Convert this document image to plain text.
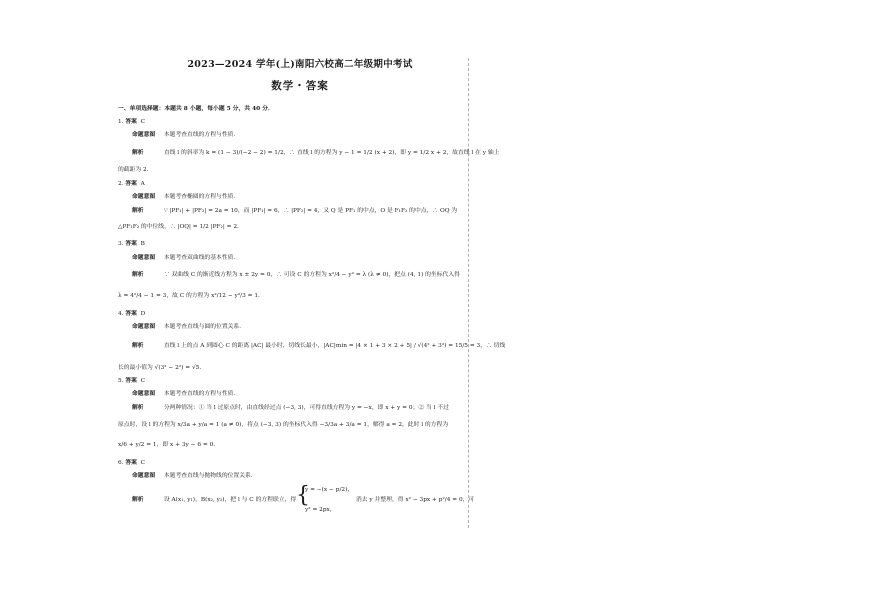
2023—2024 学年(上)南阳六校高二年级期中考试
数学・答案
一、单项选择题：本题共 8 小题，每小题 5 分，共 40 分．
1. 答案 C
命题意图 本题考查直线的方程与性质．
解析	直线 l 的斜率为 k = (1 − 3)/(−2 − 2) = 1/2，∴ 直线 l 的方程为 y − 1 = 1/2 (x + 2)，即 y = 1/2 x + 2，故直线 l 在 y 轴上
的截距为 2.
2. 答案 A
命题意图 本题考查椭圆的方程与性质．
解析	∵ |PF₁| + |PF₂| = 2a = 10，而 |PF₁| = 6，∴ |PF₂| = 4，又 Q 是 PF₁ 的中点，O 是 F₁F₂ 的中点，∴ OQ 为
△PF₁F₂ 的中位线，∴ |OQ| = 1/2 |PF₂| = 2.
3. 答案 B
命题意图 本题考查双曲线的基本性质．
解析	∵ 双曲线 C 的渐近线方程为 x ± 2y = 0，∴ 可设 C 的方程为 x²/4 − y² = λ (λ ≠ 0)，把点 (4, 1) 的坐标代入得
λ = 4²/4 − 1 = 3，故 C 的方程为 x²/12 − y²/3 = 1.
4. 答案 D
命题意图 本题考查直线与圆的位置关系．
解析	直线 l 上的点 A 到圆心 C 的距离 |AC| 最小时，切线长最小，|AC|min = |4 × 1 + 3 × 2 + 5| / √(4² + 3²) = 15/5 = 3，∴ 切线
长的最小值为 √(3² − 2²) = √5.
5. 答案 C
命题意图 本题考查直线的方程与性质．
解析	分两种情况：① 当 l 过原点时，由直线经过点 (−3, 3)，可得直线方程为 y = −x，即 x + y = 0；② 当 l 不过
原点时，设 l 的方程为 x/3a + y/a = 1 (a ≠ 0)，将点 (−3, 3) 的坐标代入得 −3/3a + 3/a = 1，解得 a = 2，此时 l 的方程为
x/6 + y/2 = 1，即 x + 3y − 6 = 0.
6. 答案 C
命题意图 本题考查直线与抛物线的位置关系．
解析	设 A(x₁, y₁)，B(x₂, y₂)，把 l 与 C 的方程联立，得 {
y = −(x − p/2)，
y² = 2px，
消去 y 并整理，得 x² − 3px + p²/4 = 0，可
